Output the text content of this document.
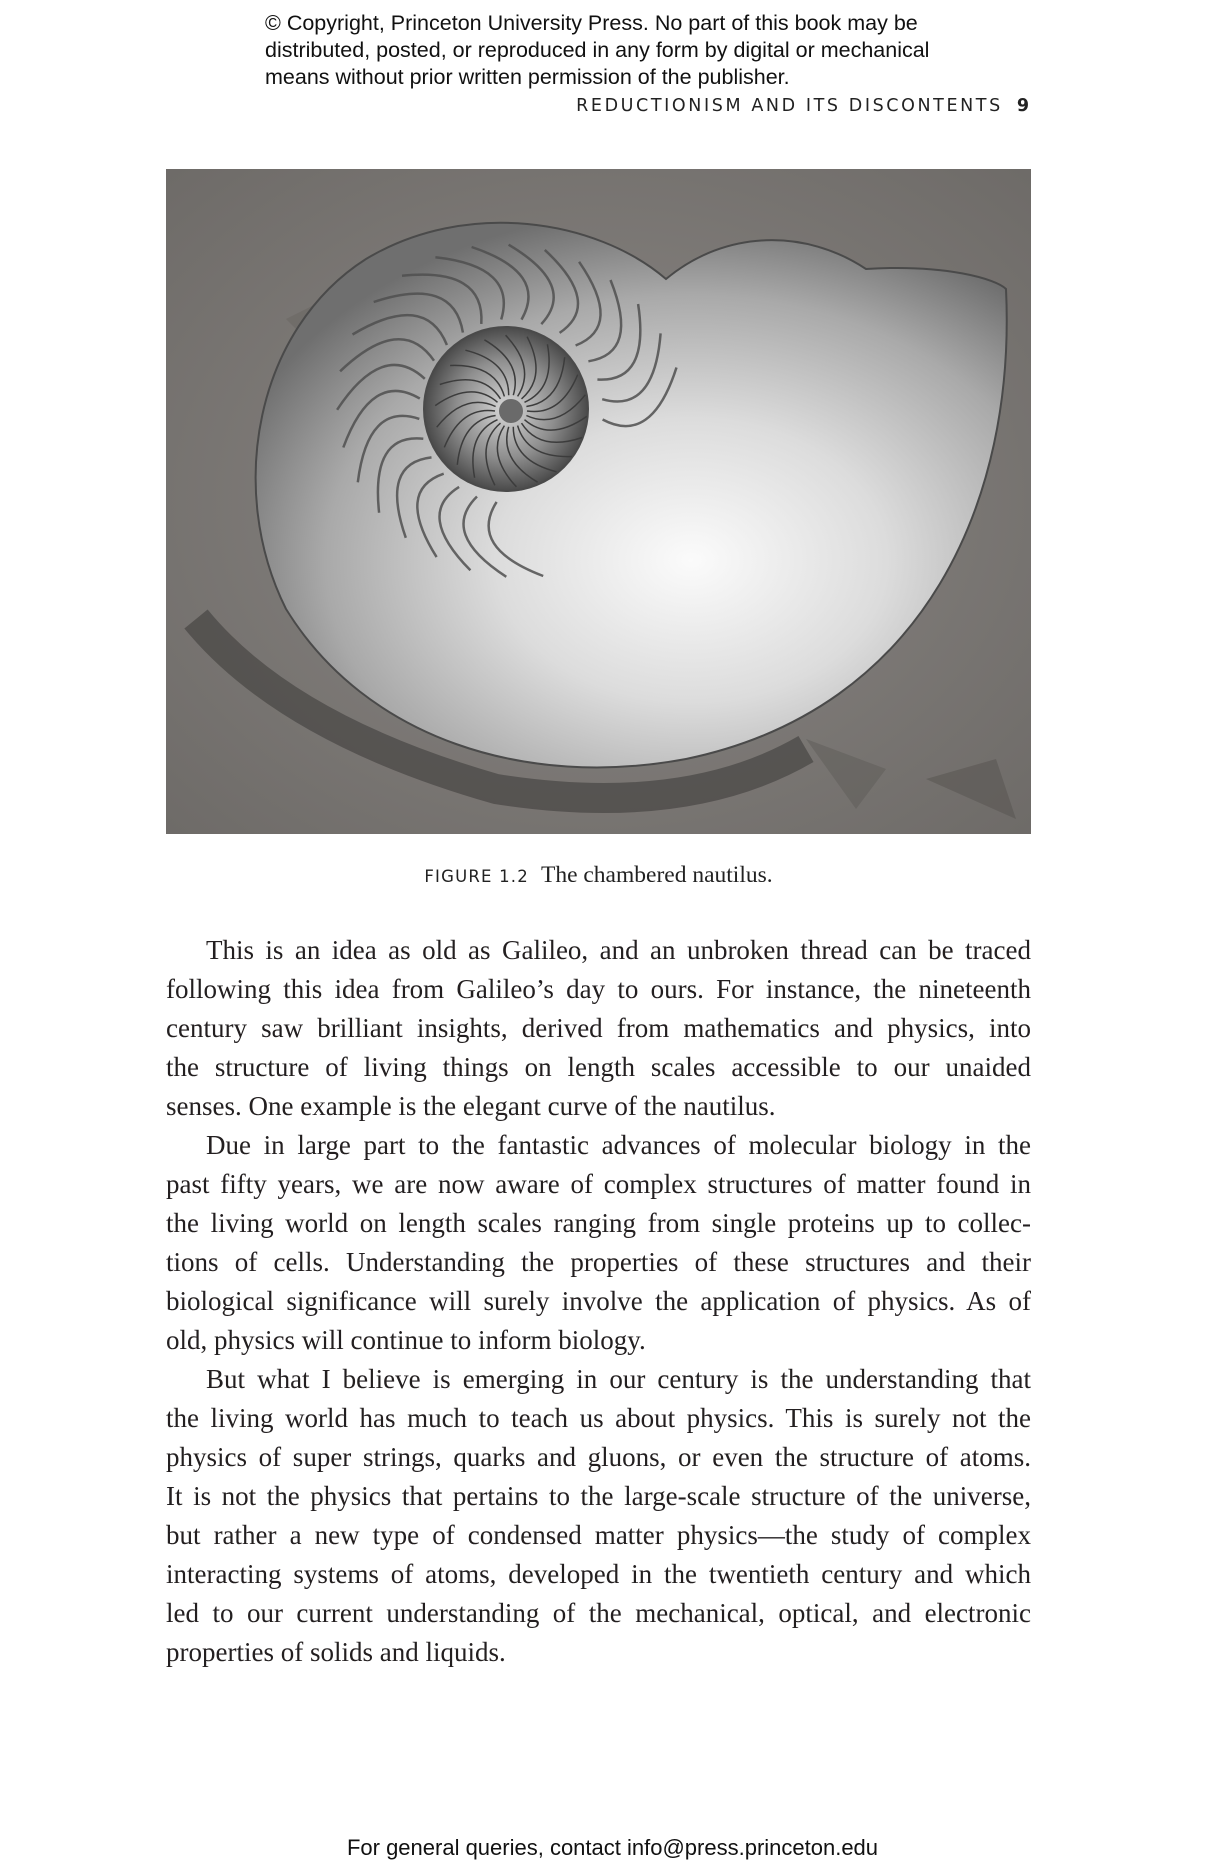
© Copyright, Princeton University Press. No part of this book may be
distributed, posted, or reproduced in any form by digital or mechanical
means without prior written permission of the publisher.
REDUCTIONISM AND ITS DISCONTENTS 9
FIGURE 1.2 The chambered nautilus.
This is an idea as old as Galileo, and an unbroken thread can be traced
following this idea from Galileo’s day to ours. For instance, the nineteenth
century saw brilliant insights, derived from mathematics and physics, into
the structure of living things on length scales accessible to our unaided
senses. One example is the elegant curve of the nautilus.
Due in large part to the fantastic advances of molecular biology in the
past fifty years, we are now aware of complex structures of matter found in
the living world on length scales ranging from single proteins up to collec-
tions of cells. Understanding the properties of these structures and their
biological significance will surely involve the application of physics. As of
old, physics will continue to inform biology.
But what I believe is emerging in our century is the understanding that
the living world has much to teach us about physics. This is surely not the
physics of super strings, quarks and gluons, or even the structure of atoms.
It is not the physics that pertains to the large-scale structure of the universe,
but rather a new type of condensed matter physics—the study of complex
interacting systems of atoms, developed in the twentieth century and which
led to our current understanding of the mechanical, optical, and electronic
properties of solids and liquids.
For general queries, contact info@press.princeton.edu
